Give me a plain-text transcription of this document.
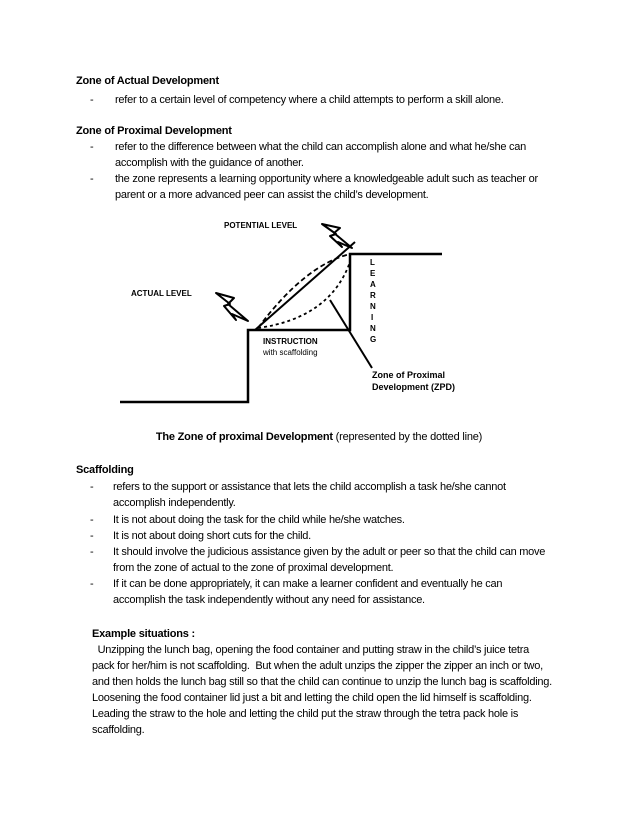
Zone of Actual Development
- refer to a certain level of competency where a child attempts to perform a skill alone.
Zone of Proximal Development
- refer to the difference between what the child can accomplish alone and what he/she can
accomplish with the guidance of another.
- the zone represents a learning opportunity where a knowledgeable adult such as teacher or
parent or a more advanced peer can assist the child’s development.
POTENTIAL LEVEL
ACTUAL LEVEL
INSTRUCTION
with scaffolding
L
E
A
R
N
I
N
G
Zone of Proximal
Development (ZPD)
The Zone of proximal Development (represented by the dotted line)
Scaffolding
- refers to the support or assistance that lets the child accomplish a task he/she cannot
accomplish independently.
- It is not about doing the task for the child while he/she watches.
- It is not about doing short cuts for the child.
- It should involve the judicious assistance given by the adult or peer so that the child can move
from the zone of actual to the zone of proximal development.
- If it can be done appropriately, it can make a learner confident and eventually he can
accomplish the task independently without any need for assistance.
Example situations :
Unzipping the lunch bag, opening the food container and putting straw in the child’s juice tetra
pack for her/him is not scaffolding.  But when the adult unzips the zipper the zipper an inch or two,
and then holds the lunch bag still so that the child can continue to unzip the lunch bag is scaffolding.
Loosening the food container lid just a bit and letting the child open the lid himself is scaffolding.
Leading the straw to the hole and letting the child put the straw through the tetra pack hole is
scaffolding.
